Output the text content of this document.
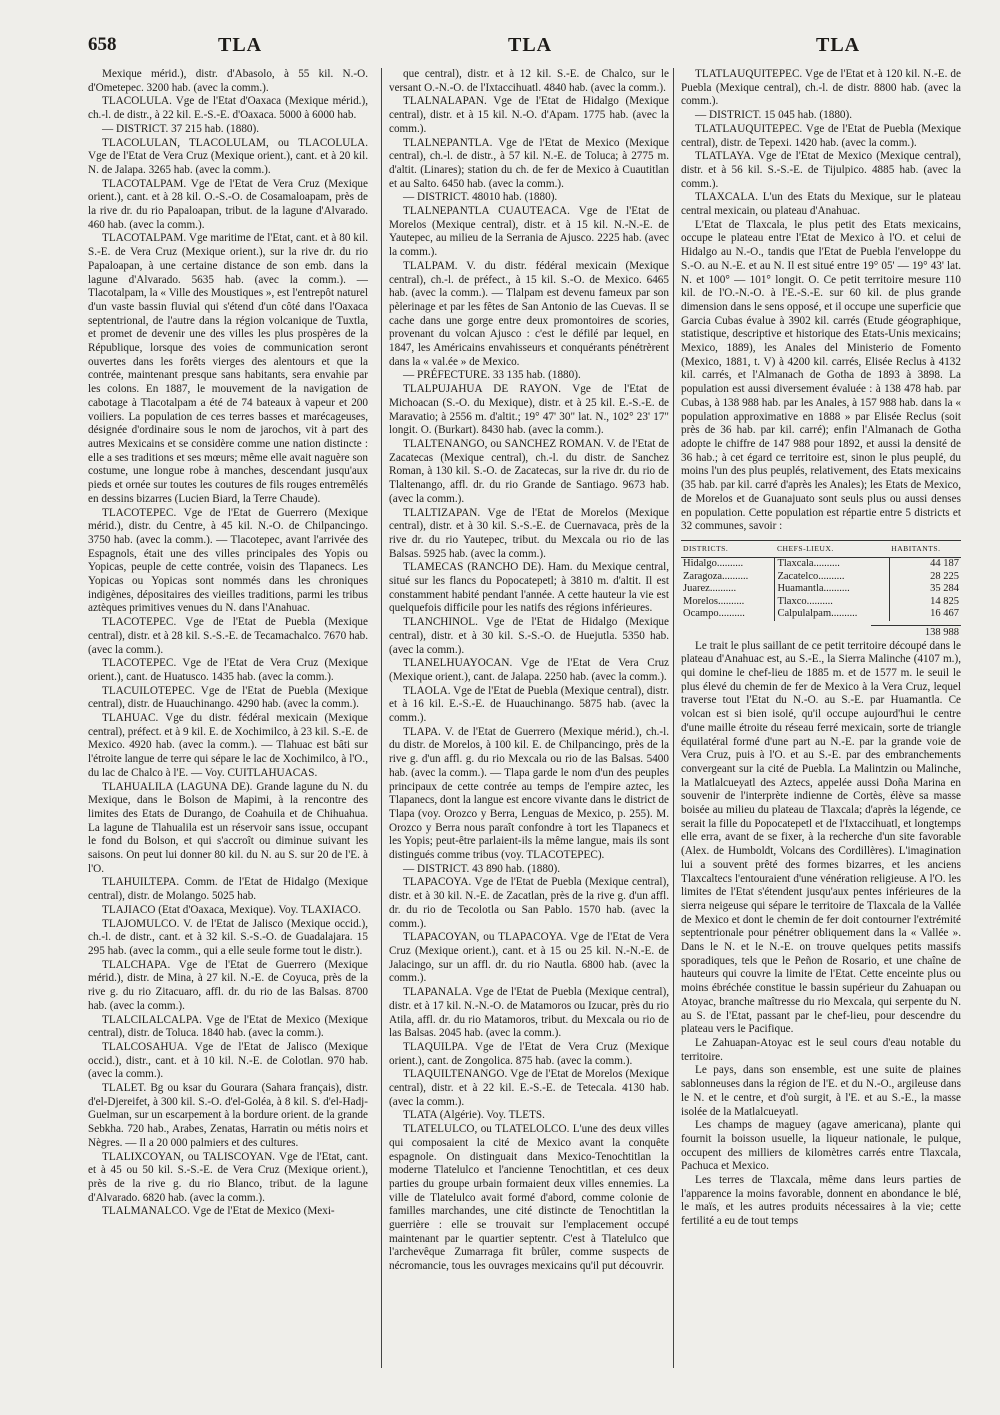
658	TLA	TLA	TLA

Mexique mérid.), distr. d'Abasolo, à 55 kil. N.-O. d'Ometepec. 3200 hab. (avec la comm.).

TLACOLULA. Vge de l'Etat d'Oaxaca (Mexique mérid.), ch.-l. de distr., à 22 kil. E.-S.-E. d'Oaxaca. 5000 à 6000 hab.

— DISTRICT. 37 215 hab. (1880).

TLACOLULAN, TLACOLULAM, ou TLACOLULA. Vge de l'Etat de Vera Cruz (Mexique orient.), cant. et à 20 kil. N. de Jalapa. 3265 hab. (avec la comm.).

TLACOTALPAM. Vge de l'Etat de Vera Cruz (Mexique orient.), cant. et à 28 kil. O.-S.-O. de Cosamaloapam, près de la rive dr. du rio Papaloapan, tribut. de la lagune d'Alvarado. 460 hab. (avec la comm.).

TLACOTALPAM. Vge maritime de l'Etat, cant. et à 80 kil. S.-E. de Vera Cruz (Mexique orient.), sur la rive dr. du rio Papaloapan, à une certaine distance de son emb. dans la lagune d'Alvarado. 5635 hab. (avec la comm.). — Tlacotalpam, la « Ville des Moustiques », est l'entrepôt naturel d'un vaste bassin fluvial qui s'étend d'un côté dans l'Oaxaca septentrional, de l'autre dans la région volcanique de Tuxtla, et promet de devenir une des villes les plus prospères de la République, lorsque des voies de communication seront ouvertes dans les forêts vierges des alentours et que la contrée, maintenant presque sans habitants, sera envahie par les colons. En 1887, le mouvement de la navigation de cabotage à Tlacotalpam a été de 74 bateaux à vapeur et 200 voiliers. La population de ces terres basses et marécageuses, désignée d'ordinaire sous le nom de jarochos, vit à part des autres Mexicains et se considère comme une nation distincte : elle a ses traditions et ses mœurs; même elle avait naguère son costume, une longue robe à manches, descendant jusqu'aux pieds et ornée sur toutes les coutures de fils rouges entremêlés en dessins bizarres (Lucien Biard, la Terre Chaude).

TLACOTEPEC. Vge de l'Etat de Guerrero (Mexique mérid.), distr. du Centre, à 45 kil. N.-O. de Chilpancingo. 3750 hab. (avec la comm.). — Tlacotepec, avant l'arrivée des Espagnols, était une des villes principales des Yopis ou Yopicas, peuple de cette contrée, voisin des Tlapanecs. Les Yopicas ou Yopicas sont nommés dans les chroniques indigènes, dépositaires des vieilles traditions, parmi les tribus aztèques primitives venues du N. dans l'Anahuac.

TLACOTEPEC. Vge de l'Etat de Puebla (Mexique central), distr. et à 28 kil. S.-S.-E. de Tecamachalco. 7670 hab. (avec la comm.).

TLACOTEPEC. Vge de l'Etat de Vera Cruz (Mexique orient.), cant. de Huatusco. 1435 hab. (avec la comm.).

TLACUILOTEPEC. Vge de l'Etat de Puebla (Mexique central), distr. de Huauchinango. 4290 hab. (avec la comm.).

TLAHUAC. Vge du distr. fédéral mexicain (Mexique central), préfect. et à 9 kil. E. de Xochimilco, à 23 kil. S.-E. de Mexico. 4920 hab. (avec la comm.). — Tlahuac est bâti sur l'étroite langue de terre qui sépare le lac de Xochimilco, à l'O., du lac de Chalco à l'E. — Voy. CUITLAHUACAS.

TLAHUALILA (LAGUNA DE). Grande lagune du N. du Mexique, dans le Bolson de Mapimi, à la rencontre des limites des Etats de Durango, de Coahuila et de Chihuahua. La lagune de Tlahualila est un réservoir sans issue, occupant le fond du Bolson, et qui s'accroît ou diminue suivant les saisons. On peut lui donner 80 kil. du N. au S. sur 20 de l'E. à l'O.

TLAHUILTEPA. Comm. de l'Etat de Hidalgo (Mexique central), distr. de Molango. 5025 hab.

TLAJIACO (Etat d'Oaxaca, Mexique). Voy. TLAXIACO.

TLAJOMULCO. V. de l'Etat de Jalisco (Mexique occid.), ch.-l. de distr., cant. et à 32 kil. S.-S.-O. de Guadalajara. 15 295 hab. (avec la comm., qui a elle seule forme tout le distr.).

TLALCHAPA. Vge de l'Etat de Guerrero (Mexique mérid.), distr. de Mina, à 27 kil. N.-E. de Coyuca, près de la rive g. du rio Zitacuaro, affl. dr. du rio de las Balsas. 8700 hab. (avec la comm.).

TLALCILALCALPA. Vge de l'Etat de Mexico (Mexique central), distr. de Toluca. 1840 hab. (avec la comm.).

TLALCOSAHUA. Vge de l'Etat de Jalisco (Mexique occid.), distr., cant. et à 10 kil. N.-E. de Colotlan. 970 hab. (avec la comm.).

TLALET. Bg ou ksar du Gourara (Sahara français), distr. d'el-Djereifet, à 300 kil. S.-O. d'el-Goléa, à 8 kil. S. d'el-Hadj-Guelman, sur un escarpement à la bordure orient. de la grande Sebkha. 720 hab., Arabes, Zenatas, Harratin ou métis noirs et Nègres. — Il a 20 000 palmiers et des cultures.

TLALIXCOYAN, ou TALISCOYAN. Vge de l'Etat, cant. et à 45 ou 50 kil. S.-S.-E. de Vera Cruz (Mexique orient.), près de la rive g. du rio Blanco, tribut. de la lagune d'Alvarado. 6820 hab. (avec la comm.).

TLALMANALCO. Vge de l'Etat de Mexico (Mexi-

que central), distr. et à 12 kil. S.-E. de Chalco, sur le versant O.-N.-O. de l'Ixtaccihuatl. 4840 hab. (avec la comm.).

TLALNALAPAN. Vge de l'Etat de Hidalgo (Mexique central), distr. et à 15 kil. N.-O. d'Apam. 1775 hab. (avec la comm.).

TLALNEPANTLA. Vge de l'Etat de Mexico (Mexique central), ch.-l. de distr., à 57 kil. N.-E. de Toluca; à 2775 m. d'altit. (Linares); station du ch. de fer de Mexico à Cuautitlan et au Salto. 6450 hab. (avec la comm.).

— DISTRICT. 48010 hab. (1880).

TLALNEPANTLA CUAUTEACA. Vge de l'Etat de Morelos (Mexique central), distr. et à 15 kil. N.-N.-E. de Yautepec, au milieu de la Serrania de Ajusco. 2225 hab. (avec la comm.).

TLALPAM. V. du distr. fédéral mexicain (Mexique central), ch.-l. de préfect., à 15 kil. S.-O. de Mexico. 6465 hab. (avec la comm.). — Tlalpam est devenu fameux par son pèlerinage et par les fêtes de San Antonio de las Cuevas. Il se cache dans une gorge entre deux promontoires de scories, provenant du volcan Ajusco : c'est le défilé par lequel, en 1847, les Américains envahisseurs et conquérants pénétrèrent dans la « val.ée » de Mexico.

— PRÉFECTURE. 33 135 hab. (1880).

TLALPUJAHUA DE RAYON. Vge de l'Etat de Michoacan (S.-O. du Mexique), distr. et à 25 kil. E.-S.-E. de Maravatio; à 2556 m. d'altit.; 19° 47' 30" lat. N., 102° 23' 17" longit. O. (Burkart). 8430 hab. (avec la comm.).

TLALTENANGO, ou SANCHEZ ROMAN. V. de l'Etat de Zacatecas (Mexique central), ch.-l. du distr. de Sanchez Roman, à 130 kil. S.-O. de Zacatecas, sur la rive dr. du rio de Tlaltenango, affl. dr. du rio Grande de Santiago. 9673 hab. (avec la comm.).

TLALTIZAPAN. Vge de l'Etat de Morelos (Mexique central), distr. et à 30 kil. S.-S.-E. de Cuernavaca, près de la rive dr. du rio Yautepec, tribut. du Mexcala ou rio de las Balsas. 5925 hab. (avec la comm.).

TLAMECAS (RANCHO DE). Ham. du Mexique central, situé sur les flancs du Popocatepetl; à 3810 m. d'altit. Il est constamment habité pendant l'année. A cette hauteur la vie est quelquefois difficile pour les natifs des régions inférieures.

TLANCHINOL. Vge de l'Etat de Hidalgo (Mexique central), distr. et à 30 kil. S.-S.-O. de Huejutla. 5350 hab. (avec la comm.).

TLANELHUAYOCAN. Vge de l'Etat de Vera Cruz (Mexique orient.), cant. de Jalapa. 2250 hab. (avec la comm.).

TLAOLA. Vge de l'Etat de Puebla (Mexique central), distr. et à 16 kil. E.-S.-E. de Huauchinango. 5875 hab. (avec la comm.).

TLAPA. V. de l'Etat de Guerrero (Mexique mérid.), ch.-l. du distr. de Morelos, à 100 kil. E. de Chilpancingo, près de la rive g. d'un affl. g. du rio Mexcala ou rio de las Balsas. 5400 hab. (avec la comm.). — Tlapa garde le nom d'un des peuples principaux de cette contrée au temps de l'empire aztec, les Tlapanecs, dont la langue est encore vivante dans le district de Tlapa (voy. Orozco y Berra, Lenguas de Mexico, p. 255). M. Orozco y Berra nous paraît confondre à tort les Tlapanecs et les Yopis; peut-être parlaient-ils la même langue, mais ils sont distingués comme tribus (voy. TLACOTEPEC).

— DISTRICT. 43 890 hab. (1880).

TLAPACOYA. Vge de l'Etat de Puebla (Mexique central), distr. et à 30 kil. N.-E. de Zacatlan, près de la rive g. d'un affl. dr. du rio de Tecolotla ou San Pablo. 1570 hab. (avec la comm.).

TLAPACOYAN, ou TLAPACOYA. Vge de l'Etat de Vera Cruz (Mexique orient.), cant. et à 15 ou 25 kil. N.-N.-E. de Jalacingo, sur un affl. dr. du rio Nautla. 6800 hab. (avec la comm.).

TLAPANALA. Vge de l'Etat de Puebla (Mexique central), distr. et à 17 kil. N.-N.-O. de Matamoros ou Izucar, près du rio Atila, affl. dr. du rio Matamoros, tribut. du Mexcala ou rio de las Balsas. 2045 hab. (avec la comm.).

TLAQUILPA. Vge de l'Etat de Vera Cruz (Mexique orient.), cant. de Zongolica. 875 hab. (avec la comm.).

TLAQUILTENANGO. Vge de l'Etat de Morelos (Mexique central), distr. et à 22 kil. E.-S.-E. de Tetecala. 4130 hab. (avec la comm.).

TLATA (Algérie). Voy. TLETS.

TLATELULCO, ou TLATELOLCO. L'une des deux villes qui composaient la cité de Mexico avant la conquête espagnole. On distinguait dans Mexico-Tenochtitlan la moderne Tlatelulco et l'ancienne Tenochtitlan, et ces deux parties du groupe urbain formaient deux villes ennemies. La ville de Tlatelulco avait formé d'abord, comme colonie de familles marchandes, une cité distincte de Tenochtitlan la guerrière : elle se trouvait sur l'emplacement occupé maintenant par le quartier septentr. C'est à Tlatelulco que l'archevêque Zumarraga fit brûler, comme suspects de nécromancie, tous les ouvrages mexicains qu'il put découvrir.

TLATLAUQUITEPEC. Vge de l'Etat et à 120 kil. N.-E. de Puebla (Mexique central), ch.-l. de distr. 8800 hab. (avec la comm.).

— DISTRICT. 15 045 hab. (1880).

TLATLAUQUITEPEC. Vge de l'Etat de Puebla (Mexique central), distr. de Tepexi. 1420 hab. (avec la comm.).

TLATLAYA. Vge de l'Etat de Mexico (Mexique central), distr. et à 56 kil. S.-S.-E. de Tijulpico. 4885 hab. (avec la comm.).

TLAXCALA. L'un des Etats du Mexique, sur le plateau central mexicain, ou plateau d'Anahuac.

L'Etat de Tlaxcala, le plus petit des Etats mexicains, occupe le plateau entre l'Etat de Mexico à l'O. et celui de Hidalgo au N.-O., tandis que l'Etat de Puebla l'enveloppe du S.-O. au N.-E. et au N. Il est situé entre 19° 05' — 19° 43' lat. N. et 100° — 101° longit. O. Ce petit territoire mesure 110 kil. de l'O.-N.-O. à l'E.-S.-E. sur 60 kil. de plus grande dimension dans le sens opposé, et il occupe une superficie que Garcia Cubas évalue à 3902 kil. carrés (Etude géographique, statistique, descriptive et historique des Etats-Unis mexicains; Mexico, 1889), les Anales del Ministerio de Fomento (Mexico, 1881, t. V) à 4200 kil. carrés, Elisée Reclus à 4132 kil. carrés, et l'Almanach de Gotha de 1893 à 3898. La population est aussi diversement évaluée : à 138 478 hab. par Cubas, à 138 988 hab. par les Anales, à 157 988 hab. dans la « population approximative en 1888 » par Elisée Reclus (soit près de 36 hab. par kil. carré); enfin l'Almanach de Gotha adopte le chiffre de 147 988 pour 1892, et aussi la densité de 36 hab.; à cet égard ce territoire est, sinon le plus peuplé, du moins l'un des plus peuplés, relativement, des Etats mexicains (35 hab. par kil. carré d'après les Anales); les Etats de Mexico, de Morelos et de Guanajuato sont seuls plus ou aussi denses en population. Cette population est répartie entre 5 districts et 32 communes, savoir :

DISTRICTS.	CHEFS-LIEUX.	HABITANTS.
Hidalgo..........	Tlaxcala..........	44 187
Zaragoza..........	Zacatelco..........	28 225
Juarez..........	Huamantla..........	35 284
Morelos..........	Tlaxco..........	14 825
Ocampo..........	Calpulalpam..........	16 467
138 988

Le trait le plus saillant de ce petit territoire découpé dans le plateau d'Anahuac est, au S.-E., la Sierra Malinche (4107 m.), qui domine le chef-lieu de 1885 m. et de 1577 m. le seuil le plus élevé du chemin de fer de Mexico à la Vera Cruz, lequel traverse tout l'Etat du N.-O. au S.-E. par Huamantla. Ce volcan est si bien isolé, qu'il occupe aujourd'hui le centre d'une maille étroite du réseau ferré mexicain, sorte de triangle équilatéral formé d'une part au N.-E. par la grande voie de Vera Cruz, puis à l'O. et au S.-E. par des embranchements convergeant sur la cité de Puebla. La Malintzin ou Malinche, la Matlalcueyatl des Aztecs, appelée aussi Doña Marina en souvenir de l'interprète indienne de Cortès, élève sa masse boisée au milieu du plateau de Tlaxcala; d'après la légende, ce serait la fille du Popocatepetl et de l'Ixtaccihuatl, et longtemps elle erra, avant de se fixer, à la recherche d'un site favorable (Alex. de Humboldt, Volcans des Cordillères). L'imagination lui a souvent prêté des formes bizarres, et les anciens Tlaxcaltecs l'entouraient d'une vénération religieuse. A l'O. les limites de l'Etat s'étendent jusqu'aux pentes inférieures de la sierra neigeuse qui sépare le territoire de Tlaxcala de la Vallée de Mexico et dont le chemin de fer doit contourner l'extrémité septentrionale pour pénétrer obliquement dans la « Vallée ». Dans le N. et le N.-E. on trouve quelques petits massifs sporadiques, tels que le Peñon de Rosario, et une chaîne de hauteurs qui couvre la limite de l'Etat. Cette enceinte plus ou moins ébréchée constitue le bassin supérieur du Zahuapan ou Atoyac, branche maîtresse du rio Mexcala, qui serpente du N. au S. de l'Etat, passant par le chef-lieu, pour descendre du plateau vers le Pacifique.

Le Zahuapan-Atoyac est le seul cours d'eau notable du territoire.

Le pays, dans son ensemble, est une suite de plaines sablonneuses dans la région de l'E. et du N.-O., argileuse dans le N. et le centre, et d'où surgit, à l'E. et au S.-E., la masse isolée de la Matlalcueyatl.

Les champs de maguey (agave americana), plante qui fournit la boisson usuelle, la liqueur nationale, le pulque, occupent des milliers de kilomètres carrés entre Tlaxcala, Pachuca et Mexico.

Les terres de Tlaxcala, même dans leurs parties de l'apparence la moins favorable, donnent en abondance le blé, le maïs, et les autres produits nécessaires à la vie; cette fertilité a eu de tout temps
